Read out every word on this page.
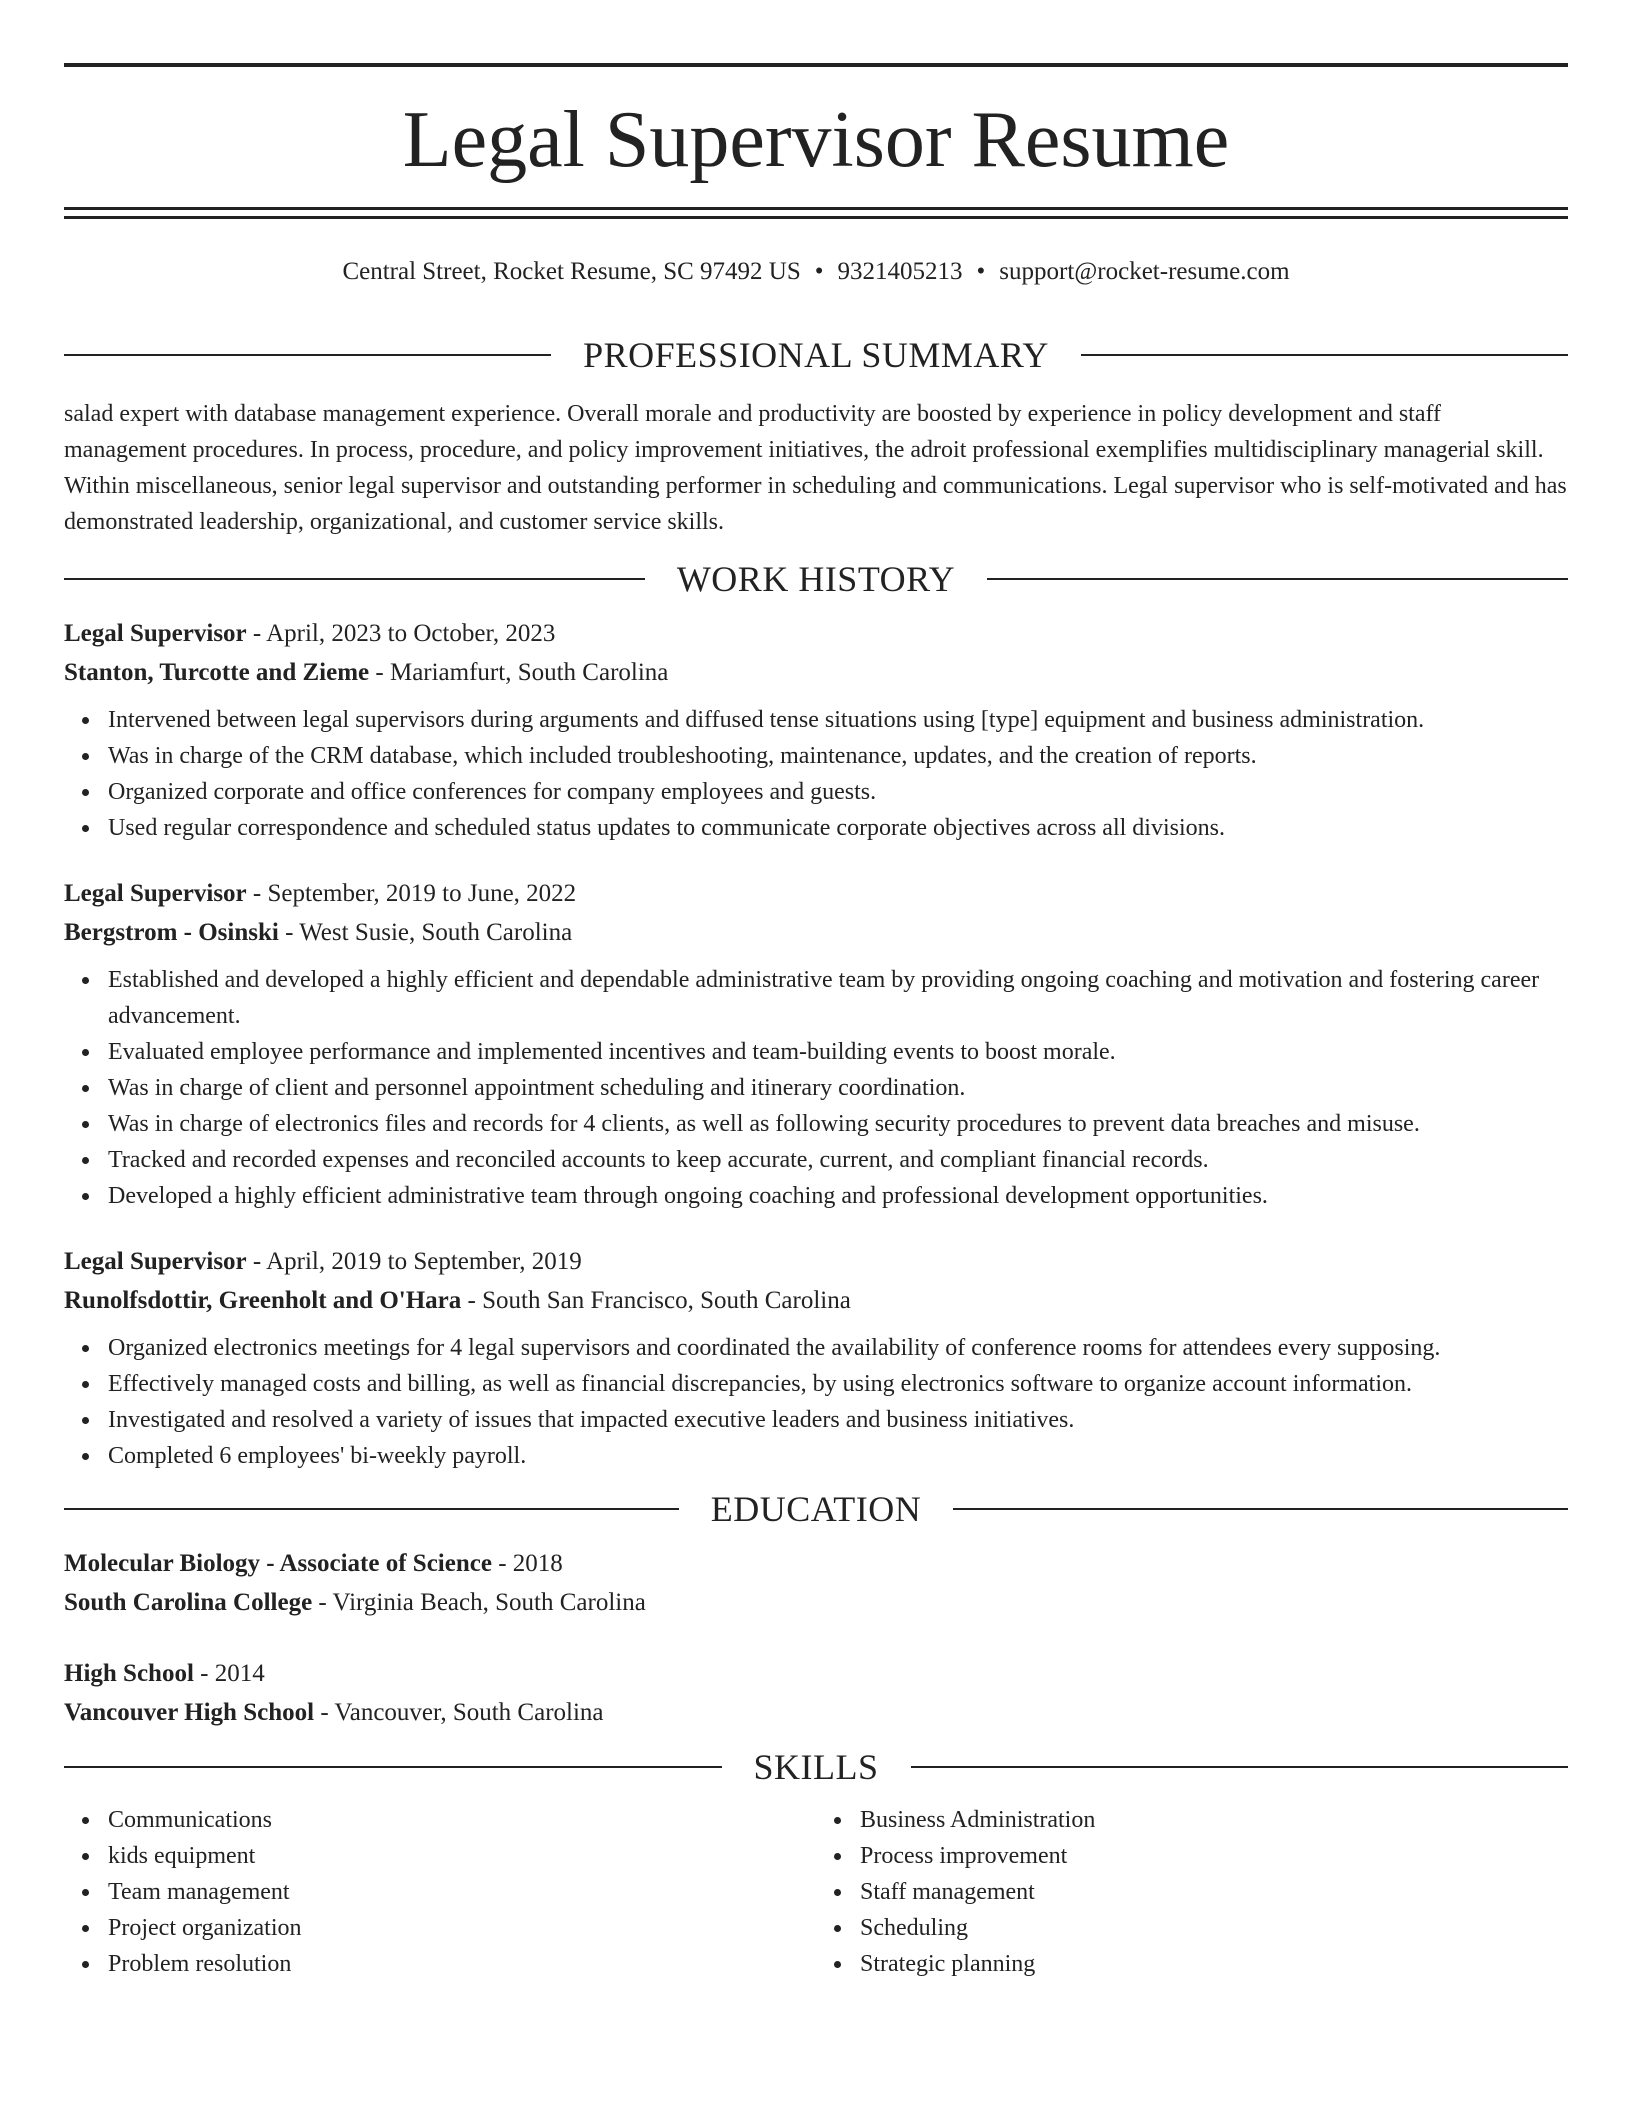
Legal Supervisor Resume
Central Street, Rocket Resume, SC 97492 US • 9321405213 • support@rocket-resume.com
PROFESSIONAL SUMMARY
salad expert with database management experience. Overall morale and productivity are boosted by experience in policy development and staff management procedures. In process, procedure, and policy improvement initiatives, the adroit professional exemplifies multidisciplinary managerial skill. Within miscellaneous, senior legal supervisor and outstanding performer in scheduling and communications. Legal supervisor who is self-motivated and has demonstrated leadership, organizational, and customer service skills.
WORK HISTORY
Legal Supervisor - April, 2023 to October, 2023
Stanton, Turcotte and Zieme - Mariamfurt, South Carolina
Intervened between legal supervisors during arguments and diffused tense situations using [type] equipment and business administration.
Was in charge of the CRM database, which included troubleshooting, maintenance, updates, and the creation of reports.
Organized corporate and office conferences for company employees and guests.
Used regular correspondence and scheduled status updates to communicate corporate objectives across all divisions.
Legal Supervisor - September, 2019 to June, 2022
Bergstrom - Osinski - West Susie, South Carolina
Established and developed a highly efficient and dependable administrative team by providing ongoing coaching and motivation and fostering career advancement.
Evaluated employee performance and implemented incentives and team-building events to boost morale.
Was in charge of client and personnel appointment scheduling and itinerary coordination.
Was in charge of electronics files and records for 4 clients, as well as following security procedures to prevent data breaches and misuse.
Tracked and recorded expenses and reconciled accounts to keep accurate, current, and compliant financial records.
Developed a highly efficient administrative team through ongoing coaching and professional development opportunities.
Legal Supervisor - April, 2019 to September, 2019
Runolfsdottir, Greenholt and O'Hara - South San Francisco, South Carolina
Organized electronics meetings for 4 legal supervisors and coordinated the availability of conference rooms for attendees every supposing.
Effectively managed costs and billing, as well as financial discrepancies, by using electronics software to organize account information.
Investigated and resolved a variety of issues that impacted executive leaders and business initiatives.
Completed 6 employees' bi-weekly payroll.
EDUCATION
Molecular Biology - Associate of Science - 2018
South Carolina College - Virginia Beach, South Carolina
High School - 2014
Vancouver High School - Vancouver, South Carolina
SKILLS
Communications
kids equipment
Team management
Project organization
Problem resolution
Business Administration
Process improvement
Staff management
Scheduling
Strategic planning
